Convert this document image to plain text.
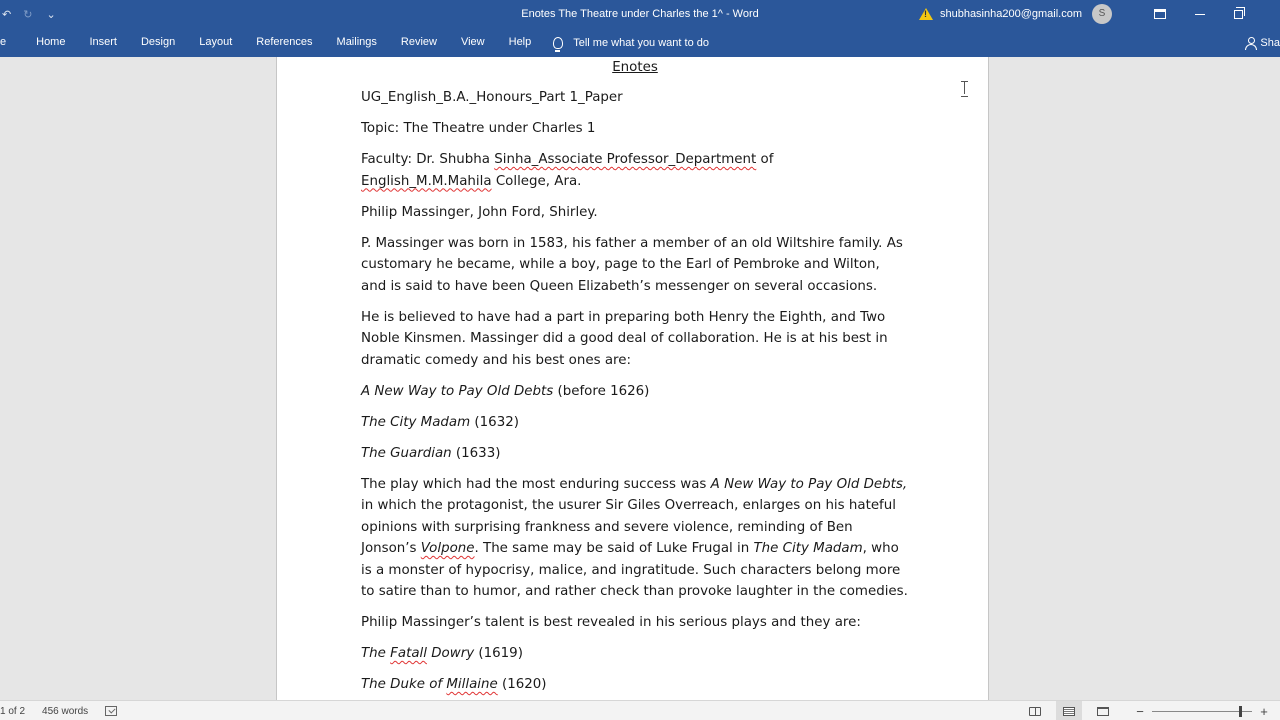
↶ ↻ ⌄	Enotes The Theatre under Charles the 1^ - Word
!	shubhasinha200@gmail.com	S
e	Home	Insert	Design	Layout	References	Mailings	Review	View	Help	Tell me what you want to do	Sha
Enotes
UG_English_B.A._Honours_Part 1_Paper
Topic: The Theatre under Charles 1
Faculty: Dr. Shubha Sinha_Associate Professor_Department of
English_M.M.Mahila College, Ara.
Philip Massinger, John Ford, Shirley.
P. Massinger was born in 1583, his father a member of an old Wiltshire family. As customary he became, while a boy, page to the Earl of Pembroke and Wilton, and is said to have been Queen Elizabeth’s messenger on several occasions.
He is believed to have had a part in preparing both Henry the Eighth, and Two Noble Kinsmen. Massinger did a good deal of collaboration. He is at his best in dramatic comedy and his best ones are:
A New Way to Pay Old Debts (before 1626)
The City Madam (1632)
The Guardian (1633)
The play which had the most enduring success was A New Way to Pay Old Debts, in which the protagonist, the usurer Sir Giles Overreach, enlarges on his hateful opinions with surprising frankness and severe violence, reminding of Ben Jonson’s Volpone. The same may be said of Luke Frugal in The City Madam, who is a monster of hypocrisy, malice, and ingratitude. Such characters belong more to satire than to humor, and rather check than provoke laughter in the comedies.
Philip Massinger’s talent is best revealed in his serious plays and they are:
The Fatall Dowry (1619)
The Duke of Millaine (1620)
1 of 2 456 words	−	+
